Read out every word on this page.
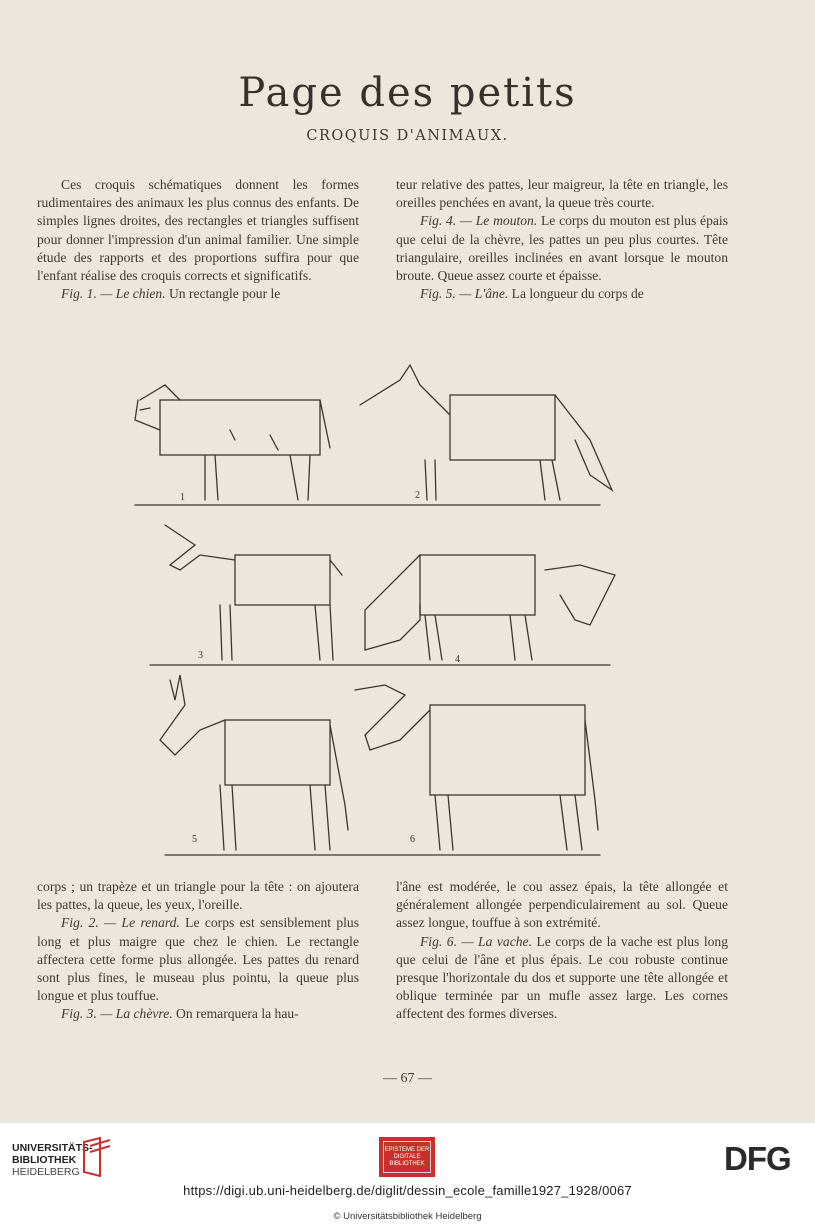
Page des petits
CROQUIS D'ANIMAUX.

Ces croquis schématiques donnent les formes rudimentaires des animaux les plus connus des enfants. De simples lignes droites, des rectangles et triangles suffisent pour donner l'impression d'un animal familier. Une simple étude des rapports et des proportions suffira pour que l'enfant réalise des croquis corrects et significatifs.

Fig. 1. — Le chien. Un rectangle pour le

teur relative des pattes, leur maigreur, la tête en triangle, les oreilles penchées en avant, la queue très courte.

Fig. 4. — Le mouton. Le corps du mouton est plus épais que celui de la chèvre, les pattes un peu plus courtes. Tête triangulaire, oreilles inclinées en avant lorsque le mouton broute. Queue assez courte et épaisse.

Fig. 5. — L'âne. La longueur du corps de

1	2
3	4
5	6

corps ; un trapèze et un triangle pour la tête : on ajoutera les pattes, la queue, les yeux, l'oreille.

Fig. 2. — Le renard. Le corps est sensiblement plus long et plus maigre que chez le chien. Le rectangle affectera cette forme plus allongée. Les pattes du renard sont plus fines, le museau plus pointu, la queue plus longue et plus touffue.

Fig. 3. — La chèvre. On remarquera la hau-

l'âne est modérée, le cou assez épais, la tête allongée et généralement allongée perpendiculairement au sol. Queue assez longue, touffue à son extrémité.

Fig. 6. — La vache. Le corps de la vache est plus long que celui de l'âne et plus épais. Le cou robuste continue presque l'horizontale du dos et supporte une tête allongée et oblique terminée par un mufle assez large. Les cornes affectent des formes diverses.

— 67 —
UNIVERSITÄTS-
BIBLIOTHEK
HEIDELBERG
EPISTEME DER
DIGITALE
BIBLIOTHEK	DFG
https://digi.ub.uni-heidelberg.de/diglit/dessin_ecole_famille1927_1928/0067
© Universitätsbibliothek Heidelberg
